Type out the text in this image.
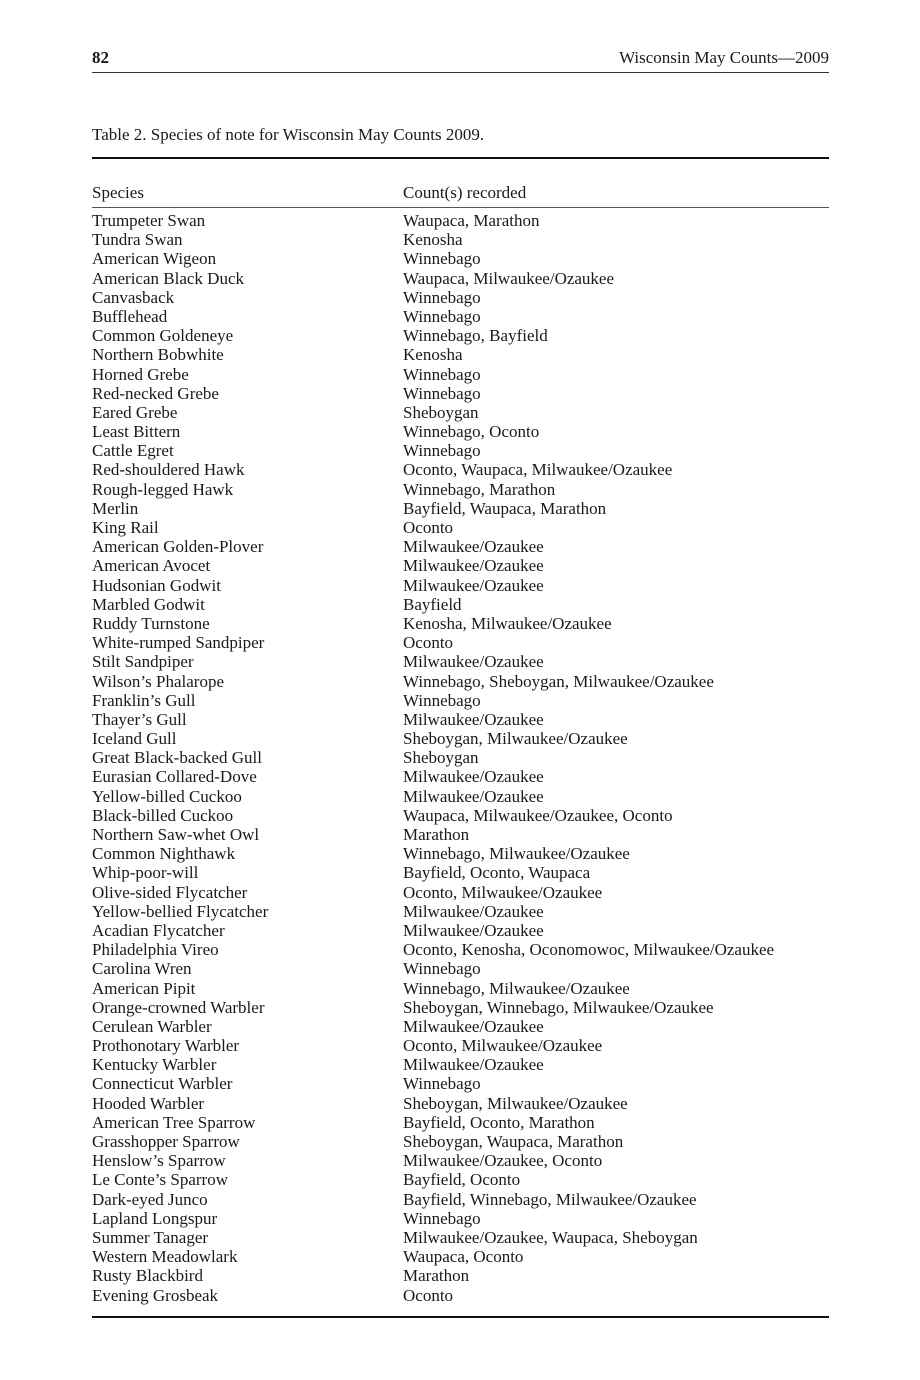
82	Wisconsin May Counts—2009
Table 2. Species of note for Wisconsin May Counts 2009.
Species	Count(s) recorded
Trumpeter Swan	Waupaca, Marathon
Tundra Swan	Kenosha
American Wigeon	Winnebago
American Black Duck	Waupaca, Milwaukee/Ozaukee
Canvasback	Winnebago
Bufflehead	Winnebago
Common Goldeneye	Winnebago, Bayfield
Northern Bobwhite	Kenosha
Horned Grebe	Winnebago
Red-necked Grebe	Winnebago
Eared Grebe	Sheboygan
Least Bittern	Winnebago, Oconto
Cattle Egret	Winnebago
Red-shouldered Hawk	Oconto, Waupaca, Milwaukee/Ozaukee
Rough-legged Hawk	Winnebago, Marathon
Merlin	Bayfield, Waupaca, Marathon
King Rail	Oconto
American Golden-Plover	Milwaukee/Ozaukee
American Avocet	Milwaukee/Ozaukee
Hudsonian Godwit	Milwaukee/Ozaukee
Marbled Godwit	Bayfield
Ruddy Turnstone	Kenosha, Milwaukee/Ozaukee
White-rumped Sandpiper	Oconto
Stilt Sandpiper	Milwaukee/Ozaukee
Wilson’s Phalarope	Winnebago, Sheboygan, Milwaukee/Ozaukee
Franklin’s Gull	Winnebago
Thayer’s Gull	Milwaukee/Ozaukee
Iceland Gull	Sheboygan, Milwaukee/Ozaukee
Great Black-backed Gull	Sheboygan
Eurasian Collared-Dove	Milwaukee/Ozaukee
Yellow-billed Cuckoo	Milwaukee/Ozaukee
Black-billed Cuckoo	Waupaca, Milwaukee/Ozaukee, Oconto
Northern Saw-whet Owl	Marathon
Common Nighthawk	Winnebago, Milwaukee/Ozaukee
Whip-poor-will	Bayfield, Oconto, Waupaca
Olive-sided Flycatcher	Oconto, Milwaukee/Ozaukee
Yellow-bellied Flycatcher	Milwaukee/Ozaukee
Acadian Flycatcher	Milwaukee/Ozaukee
Philadelphia Vireo	Oconto, Kenosha, Oconomowoc, Milwaukee/Ozaukee
Carolina Wren	Winnebago
American Pipit	Winnebago, Milwaukee/Ozaukee
Orange-crowned Warbler	Sheboygan, Winnebago, Milwaukee/Ozaukee
Cerulean Warbler	Milwaukee/Ozaukee
Prothonotary Warbler	Oconto, Milwaukee/Ozaukee
Kentucky Warbler	Milwaukee/Ozaukee
Connecticut Warbler	Winnebago
Hooded Warbler	Sheboygan, Milwaukee/Ozaukee
American Tree Sparrow	Bayfield, Oconto, Marathon
Grasshopper Sparrow	Sheboygan, Waupaca, Marathon
Henslow’s Sparrow	Milwaukee/Ozaukee, Oconto
Le Conte’s Sparrow	Bayfield, Oconto
Dark-eyed Junco	Bayfield, Winnebago, Milwaukee/Ozaukee
Lapland Longspur	Winnebago
Summer Tanager	Milwaukee/Ozaukee, Waupaca, Sheboygan
Western Meadowlark	Waupaca, Oconto
Rusty Blackbird	Marathon
Evening Grosbeak	Oconto
